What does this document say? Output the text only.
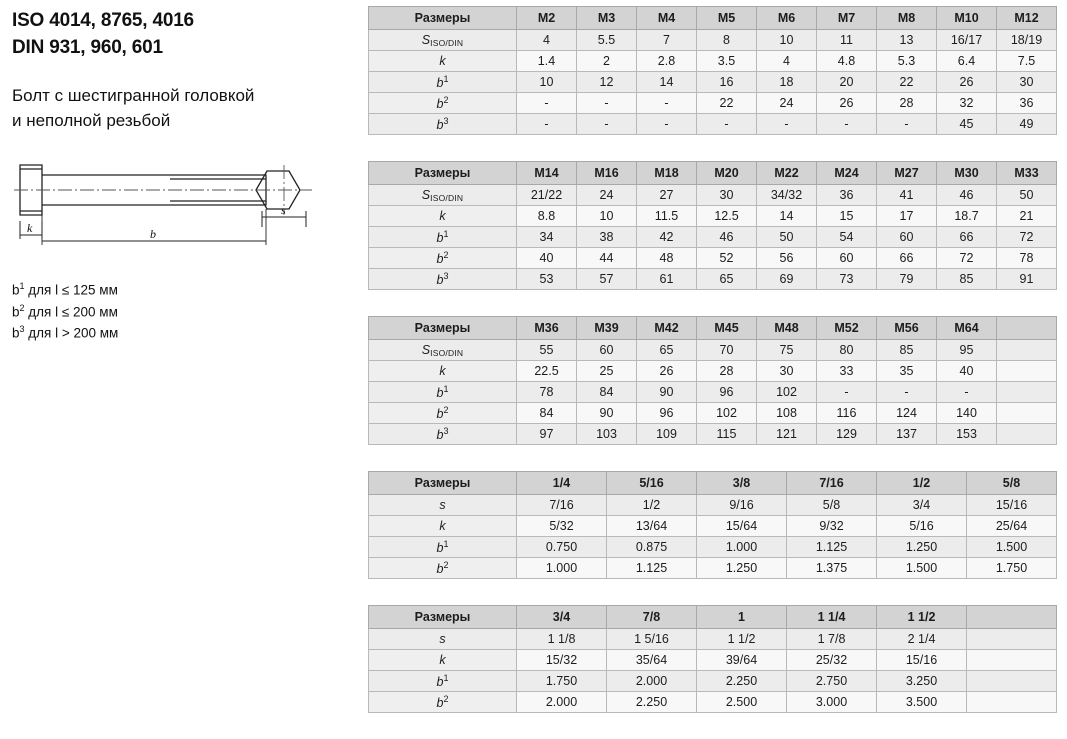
ISO 4014, 8765, 4016
DIN 931, 960, 601
Болт с шестигранной головкой
и неполной резьбой
k	b
s
$b^1$ для l ≤ 125 мм
$b^2$ для l ≤ 200 мм
$b^3$ для l > 200 мм
Размеры	M2	M3	M4	M5	M6	M7	M8	M10	M12
SISO/DIN	4	5.5	7	8	10	11	13	16/17	18/19
k	1.4	2	2.8	3.5	4	4.8	5.3	6.4	7.5
$b^1$	10	12	14	16	18	20	22	26	30
$b^2$	-	-	-	22	24	26	28	32	36
$b^3$	-	-	-	-	-	-	-	45	49
Размеры	M14	M16	M18	M20	M22	M24	M27	M30	M33
SISO/DIN	21/22	24	27	30	34/32	36	41	46	50
k	8.8	10	11.5	12.5	14	15	17	18.7	21
$b^1$	34	38	42	46	50	54	60	66	72
$b^2$	40	44	48	52	56	60	66	72	78
$b^3$	53	57	61	65	69	73	79	85	91
Размеры	M36	M39	M42	M45	M48	M52	M56	M64	
SISO/DIN	55	60	65	70	75	80	85	95	
k	22.5	25	26	28	30	33	35	40	
$b^1$	78	84	90	96	102	-	-	-	
$b^2$	84	90	96	102	108	116	124	140	
$b^3$	97	103	109	115	121	129	137	153	
Размеры	1/4	5/16	3/8	7/16	1/2	5/8
s	7/16	1/2	9/16	5/8	3/4	15/16
k	5/32	13/64	15/64	9/32	5/16	25/64
$b^1$	0.750	0.875	1.000	1.125	1.250	1.500
$b^2$	1.000	1.125	1.250	1.375	1.500	1.750
Размеры	3/4	7/8	1	1 1/4	1 1/2	
s	1 1/8	1 5/16	1 1/2	1 7/8	2 1/4	
k	15/32	35/64	39/64	25/32	15/16	
$b^1$	1.750	2.000	2.250	2.750	3.250	
$b^2$	2.000	2.250	2.500	3.000	3.500	
